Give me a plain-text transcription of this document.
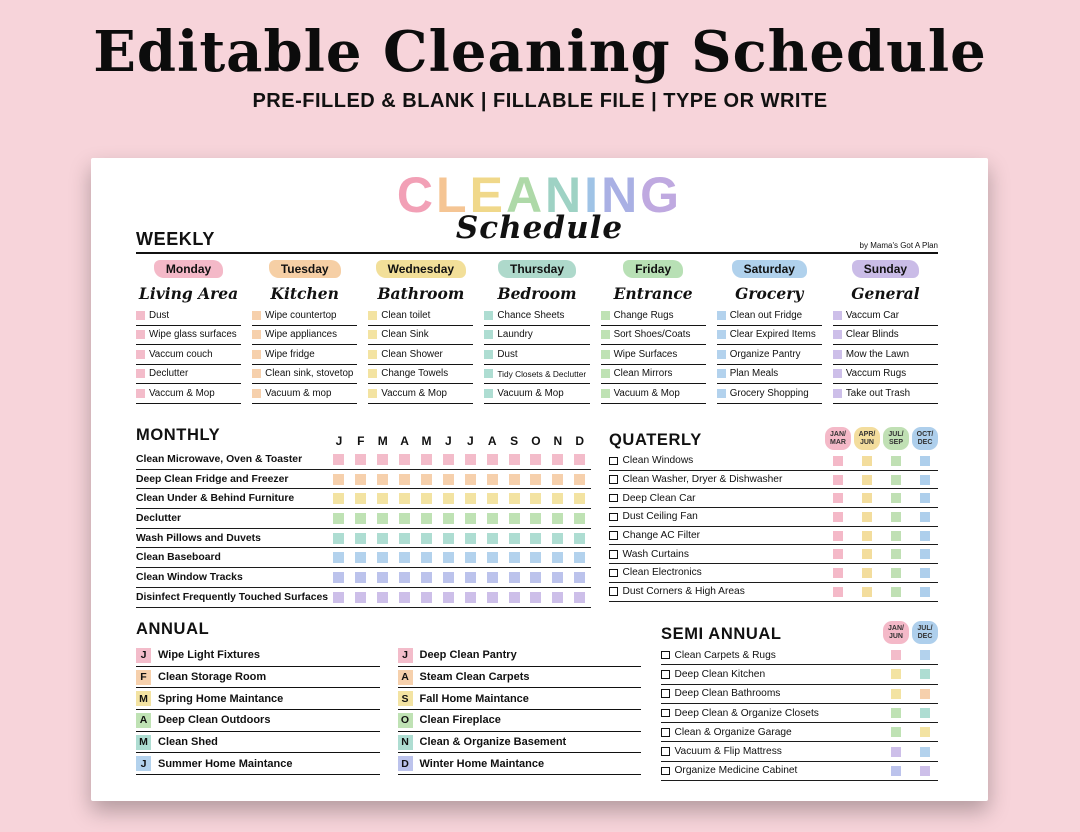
Editable Cleaning Schedule
PRE-FILLED & BLANK | FILLABLE FILE | TYPE OR WRITE
CLEANING
Schedule
WEEKLY	by Mama's Got A Plan
Monday
Living Area
Dust
Wipe glass surfaces
Vaccum couch
Declutter
Vaccum & Mop
Tuesday
Kitchen
Wipe countertop
Wipe appliances
Wipe fridge
Clean sink, stovetop
Vacuum & mop
Wednesday
Bathroom
Clean toilet
Clean Sink
Clean Shower
Change Towels
Vaccum & Mop
Thursday
Bedroom
Chance Sheets
Laundry
Dust
Tidy Closets & Declutter
Vacuum & Mop
Friday
Entrance
Change Rugs
Sort Shoes/Coats
Wipe Surfaces
Clean Mirrors
Vacuum & Mop
Saturday
Grocery
Clean out Fridge
Clear Expired Items
Organize Pantry
Plan Meals
Grocery Shopping
Sunday
General
Vaccum Car
Clear Blinds
Mow the Lawn
Vaccum Rugs
Take out Trash
MONTHLY	J	F	M	A	M	J	J	A	S	O	N	D
Clean Microwave, Oven & Toaster
Deep Clean Fridge and Freezer
Clean Under & Behind Furniture
Declutter
Wash Pillows and Duvets
Clean Baseboard
Clean Window Tracks
Disinfect Frequently Touched Surfaces
QUATERLY	JAN/
MAR
APR/
JUN
JUL/
SEP
OCT/
DEC
Clean Windows
Clean Washer, Dryer & Dishwasher
Deep Clean Car
Dust Ceiling Fan
Change AC Filter
Wash Curtains
Clean Electronics
Dust Corners & High Areas
ANNUAL
J	Wipe Light Fixtures
F	Clean Storage Room
M Spring Home Maintance
A Deep Clean Outdoors
M Clean Shed
J	Summer Home Maintance
J	Deep Clean Pantry
A Steam Clean Carpets
S	Fall Home Maintance
O Clean Fireplace
N Clean & Organize Basement
D Winter Home Maintance
SEMI ANNUAL	JAN/
JUN
JUL/
DEC
Clean Carpets & Rugs
Deep Clean Kitchen
Deep Clean Bathrooms
Deep Clean & Organize Closets
Clean & Organize Garage
Vacuum & Flip Mattress
Organize Medicine Cabinet
